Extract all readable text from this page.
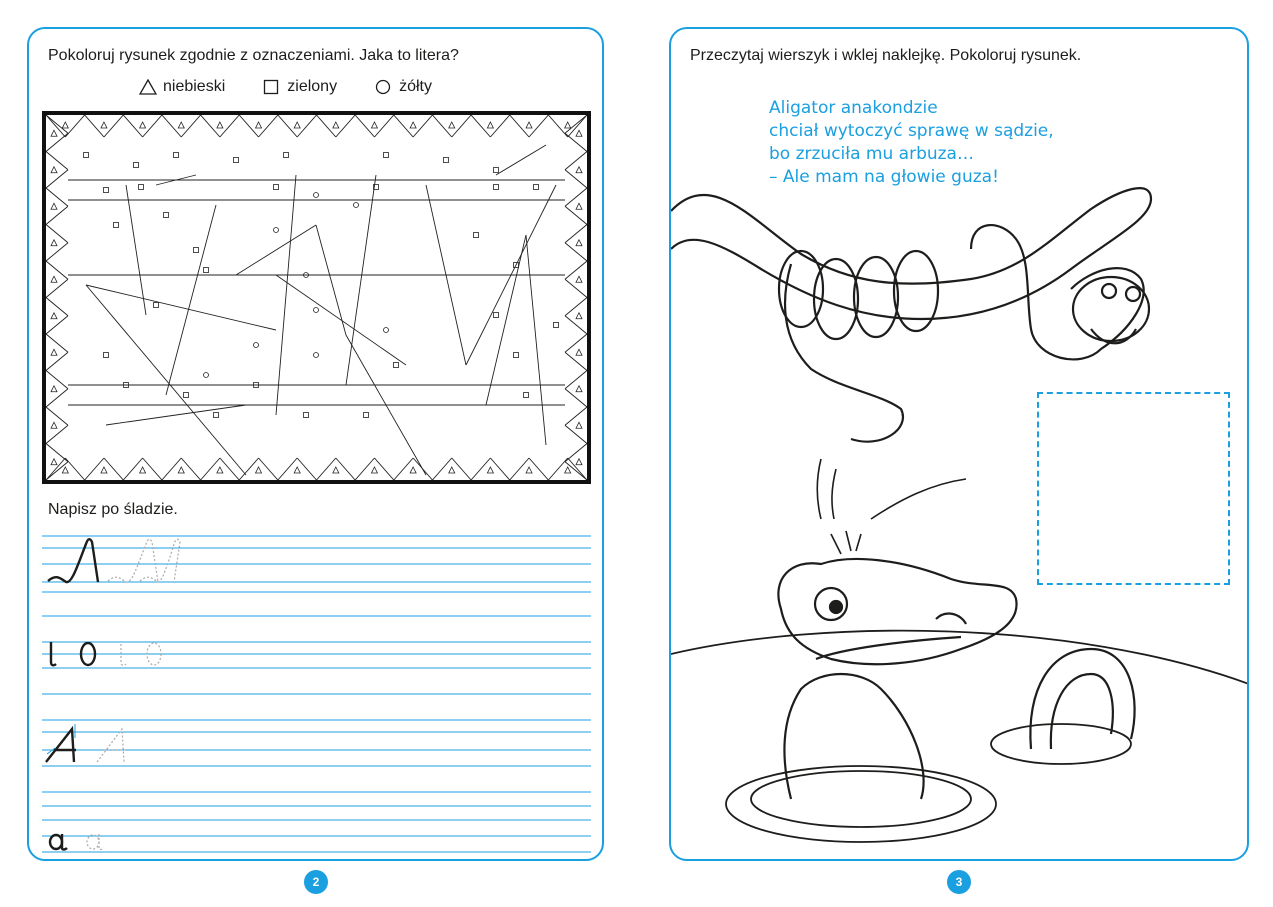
Pokoloruj rysunek zgodnie z oznaczeniami. Jaka to litera?
niebieski	zielony	żółty
Napisz po śladzie.
2
Przeczytaj wierszyk i wklej naklejkę. Pokoloruj rysunek.
Aligator anakondzie
chciał wytoczyć sprawę w sądzie,
bo zrzuciła mu arbuza…
– Ale mam na głowie guza!
3
